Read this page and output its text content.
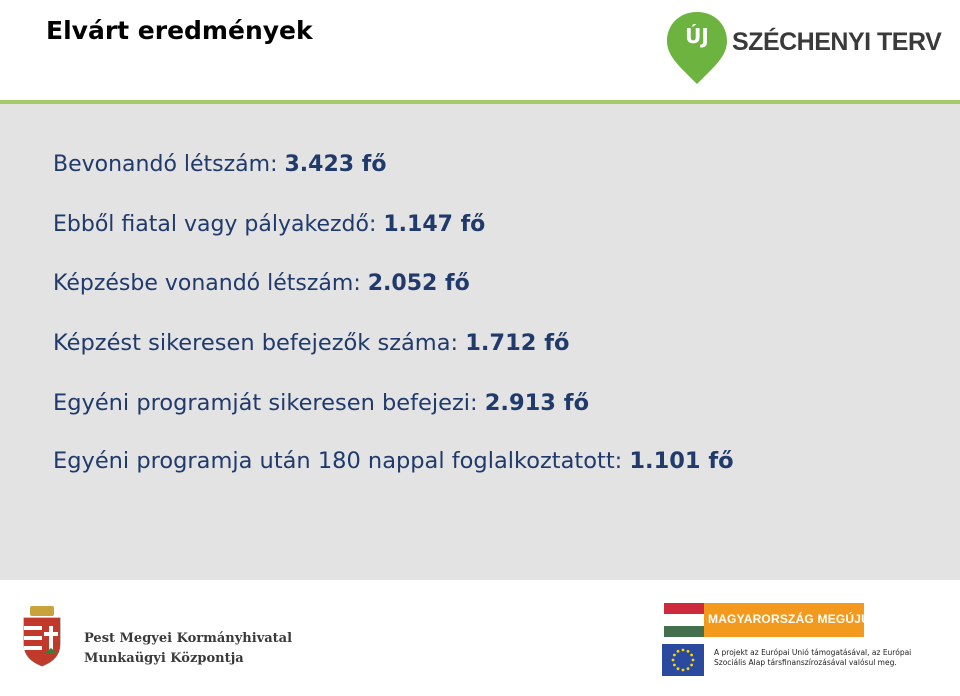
Elvárt eredmények	ÚJ SZÉCHENYI TERV
Bevonandó létszám: 3.423 fő
Ebből fiatal vagy pályakezdő: 1.147 fő
Képzésbe vonandó létszám: 2.052 fő
Képzést sikeresen befejezők száma: 1.712 fő
Egyéni programját sikeresen befejezi: 2.913 fő
Egyéni programja után 180 nappal foglalkoztatott: 1.101 fő
Pest Megyei Kormányhivatal
Munkaügyi Központja
MAGYARORSZÁG MEGÚJUL
A projekt az Európai Unió támogatásával, az Európai Szociális Alap társfinanszírozásával valósul meg.
